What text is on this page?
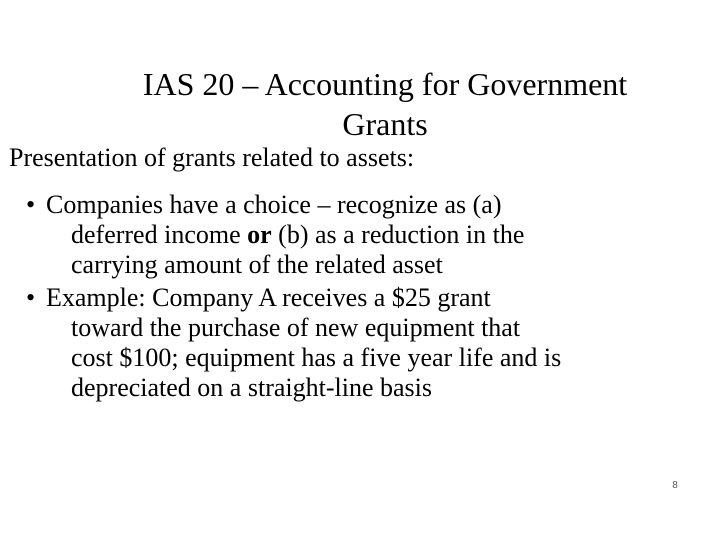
IAS 20 – Accounting for Government
Grants
Presentation of grants related to assets:
• Companies have a choice – recognize as (a)
deferred income or (b) as a reduction in the
carrying amount of the related asset
• Example: Company A receives a $25 grant
toward the purchase of new equipment that
cost $100; equipment has a five year life and is
depreciated on a straight-line basis
8
